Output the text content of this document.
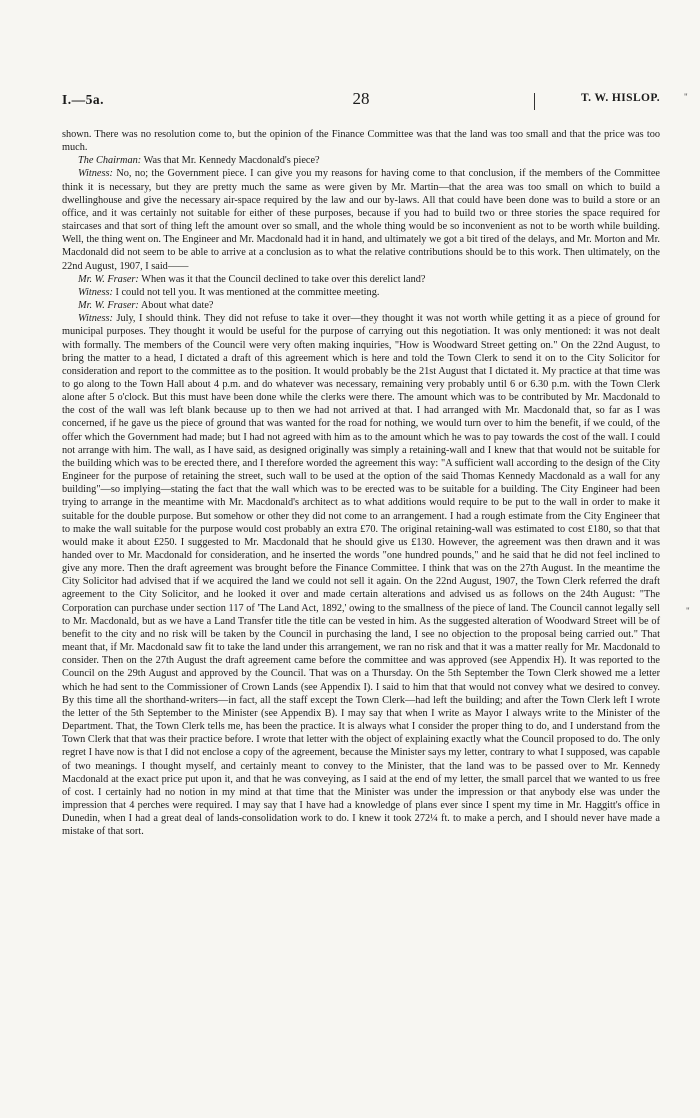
I.—5a.	28	T. W. HISLOP.	"
"

shown. There was no resolution come to, but the opinion of the Finance Committee was that the land was too small and that the price was too much.

The Chairman: Was that Mr. Kennedy Macdonald's piece?

Witness: No, no; the Government piece. I can give you my reasons for having come to that conclusion, if the members of the Committee think it is necessary, but they are pretty much the same as were given by Mr. Martin—that the area was too small on which to build a dwellinghouse and give the necessary air-space required by the law and our by-laws. All that could have been done was to build a store or an office, and it was certainly not suitable for either of these purposes, because if you had to build two or three stories the space required for staircases and that sort of thing left the amount over so small, and the whole thing would be so inconvenient as not to be worth while building. Well, the thing went on. The Engineer and Mr. Macdonald had it in hand, and ultimately we got a bit tired of the delays, and Mr. Morton and Mr. Macdonald did not seem to be able to arrive at a conclusion as to what the relative contributions should be to this work. Then ultimately, on the 22nd August, 1907, I said——

Mr. W. Fraser: When was it that the Council declined to take over this derelict land?

Witness: I could not tell you. It was mentioned at the committee meeting.

Mr. W. Fraser: About what date?

Witness: July, I should think. They did not refuse to take it over—they thought it was not worth while getting it as a piece of ground for municipal purposes. They thought it would be useful for the purpose of carrying out this negotiation. It was only mentioned: it was not dealt with formally. The members of the Council were very often making inquiries, "How is Woodward Street getting on." On the 22nd August, to bring the matter to a head, I dictated a draft of this agreement which is here and told the Town Clerk to send it on to the City Solicitor for consideration and report to the committee as to the position. It would probably be the 21st August that I dictated it. My practice at that time was to go along to the Town Hall about 4 p.m. and do whatever was necessary, remaining very probably until 6 or 6.30 p.m. with the Town Clerk alone after 5 o'clock. But this must have been done while the clerks were there. The amount which was to be contributed by Mr. Macdonald to the cost of the wall was left blank because up to then we had not arrived at that. I had arranged with Mr. Macdonald that, so far as I was concerned, if he gave us the piece of ground that was wanted for the road for nothing, we would turn over to him the benefit, if we could, of the offer which the Government had made; but I had not agreed with him as to the amount which he was to pay towards the cost of the wall. I could not arrange with him. The wall, as I have said, as designed originally was simply a retaining-wall and I knew that that would not be suitable for the building which was to be erected there, and I therefore worded the agreement this way: "A sufficient wall according to the design of the City Engineer for the purpose of retaining the street, such wall to be used at the option of the said Thomas Kennedy Macdonald as a wall for any building"—so implying—stating the fact that the wall which was to be erected was to be suitable for a building. The City Engineer had been trying to arrange in the meantime with Mr. Macdonald's architect as to what additions would require to be put to the wall in order to make it suitable for the double purpose. But somehow or other they did not come to an arrangement. I had a rough estimate from the City Engineer that to make the wall suitable for the purpose would cost probably an extra £70. The original retaining-wall was estimated to cost £180, so that that would make it about £250. I suggested to Mr. Macdonald that he should give us £130. However, the agreement was then drawn and it was handed over to Mr. Macdonald for consideration, and he inserted the words "one hundred pounds," and he said that he did not feel inclined to give any more. Then the draft agreement was brought before the Finance Committee. I think that was on the 27th August. In the meantime the City Solicitor had advised that if we acquired the land we could not sell it again. On the 22nd August, 1907, the Town Clerk referred the draft agreement to the City Solicitor, and he looked it over and made certain alterations and advised us as follows on the 24th August: "The Corporation can purchase under section 117 of 'The Land Act, 1892,' owing to the smallness of the piece of land. The Council cannot legally sell to Mr. Macdonald, but as we have a Land Transfer title the title can be vested in him. As the suggested alteration of Woodward Street will be of benefit to the city and no risk will be taken by the Council in purchasing the land, I see no objection to the proposal being carried out." That meant that, if Mr. Macdonald saw fit to take the land under this arrangement, we ran no risk and that it was a matter really for Mr. Macdonald to consider. Then on the 27th August the draft agreement came before the committee and was approved (see Appendix H). It was reported to the Council on the 29th August and approved by the Council. That was on a Thursday. On the 5th September the Town Clerk showed me a letter which he had sent to the Commissioner of Crown Lands (see Appendix I). I said to him that that would not convey what we desired to convey. By this time all the shorthand-writers—in fact, all the staff except the Town Clerk—had left the building; and after the Town Clerk left I wrote the letter of the 5th September to the Minister (see Appendix B). I may say that when I write as Mayor I always write to the Minister of the Department. That, the Town Clerk tells me, has been the practice. It is always what I consider the proper thing to do, and I understand from the Town Clerk that that was their practice before. I wrote that letter with the object of explaining exactly what the Council proposed to do. The only regret I have now is that I did not enclose a copy of the agreement, because the Minister says my letter, contrary to what I supposed, was capable of two meanings. I thought myself, and certainly meant to convey to the Minister, that the land was to be passed over to Mr. Kennedy Macdonald at the exact price put upon it, and that he was conveying, as I said at the end of my letter, the small parcel that we wanted to us free of cost. I certainly had no notion in my mind at that time that the Minister was under the impression or that anybody else was under the impression that 4 perches were required. I may say that I have had a knowledge of plans ever since I spent my time in Mr. Haggitt's office in Dunedin, when I had a great deal of lands-consolidation work to do. I knew it took 272¼ ft. to make a perch, and I should never have made a mistake of that sort.
